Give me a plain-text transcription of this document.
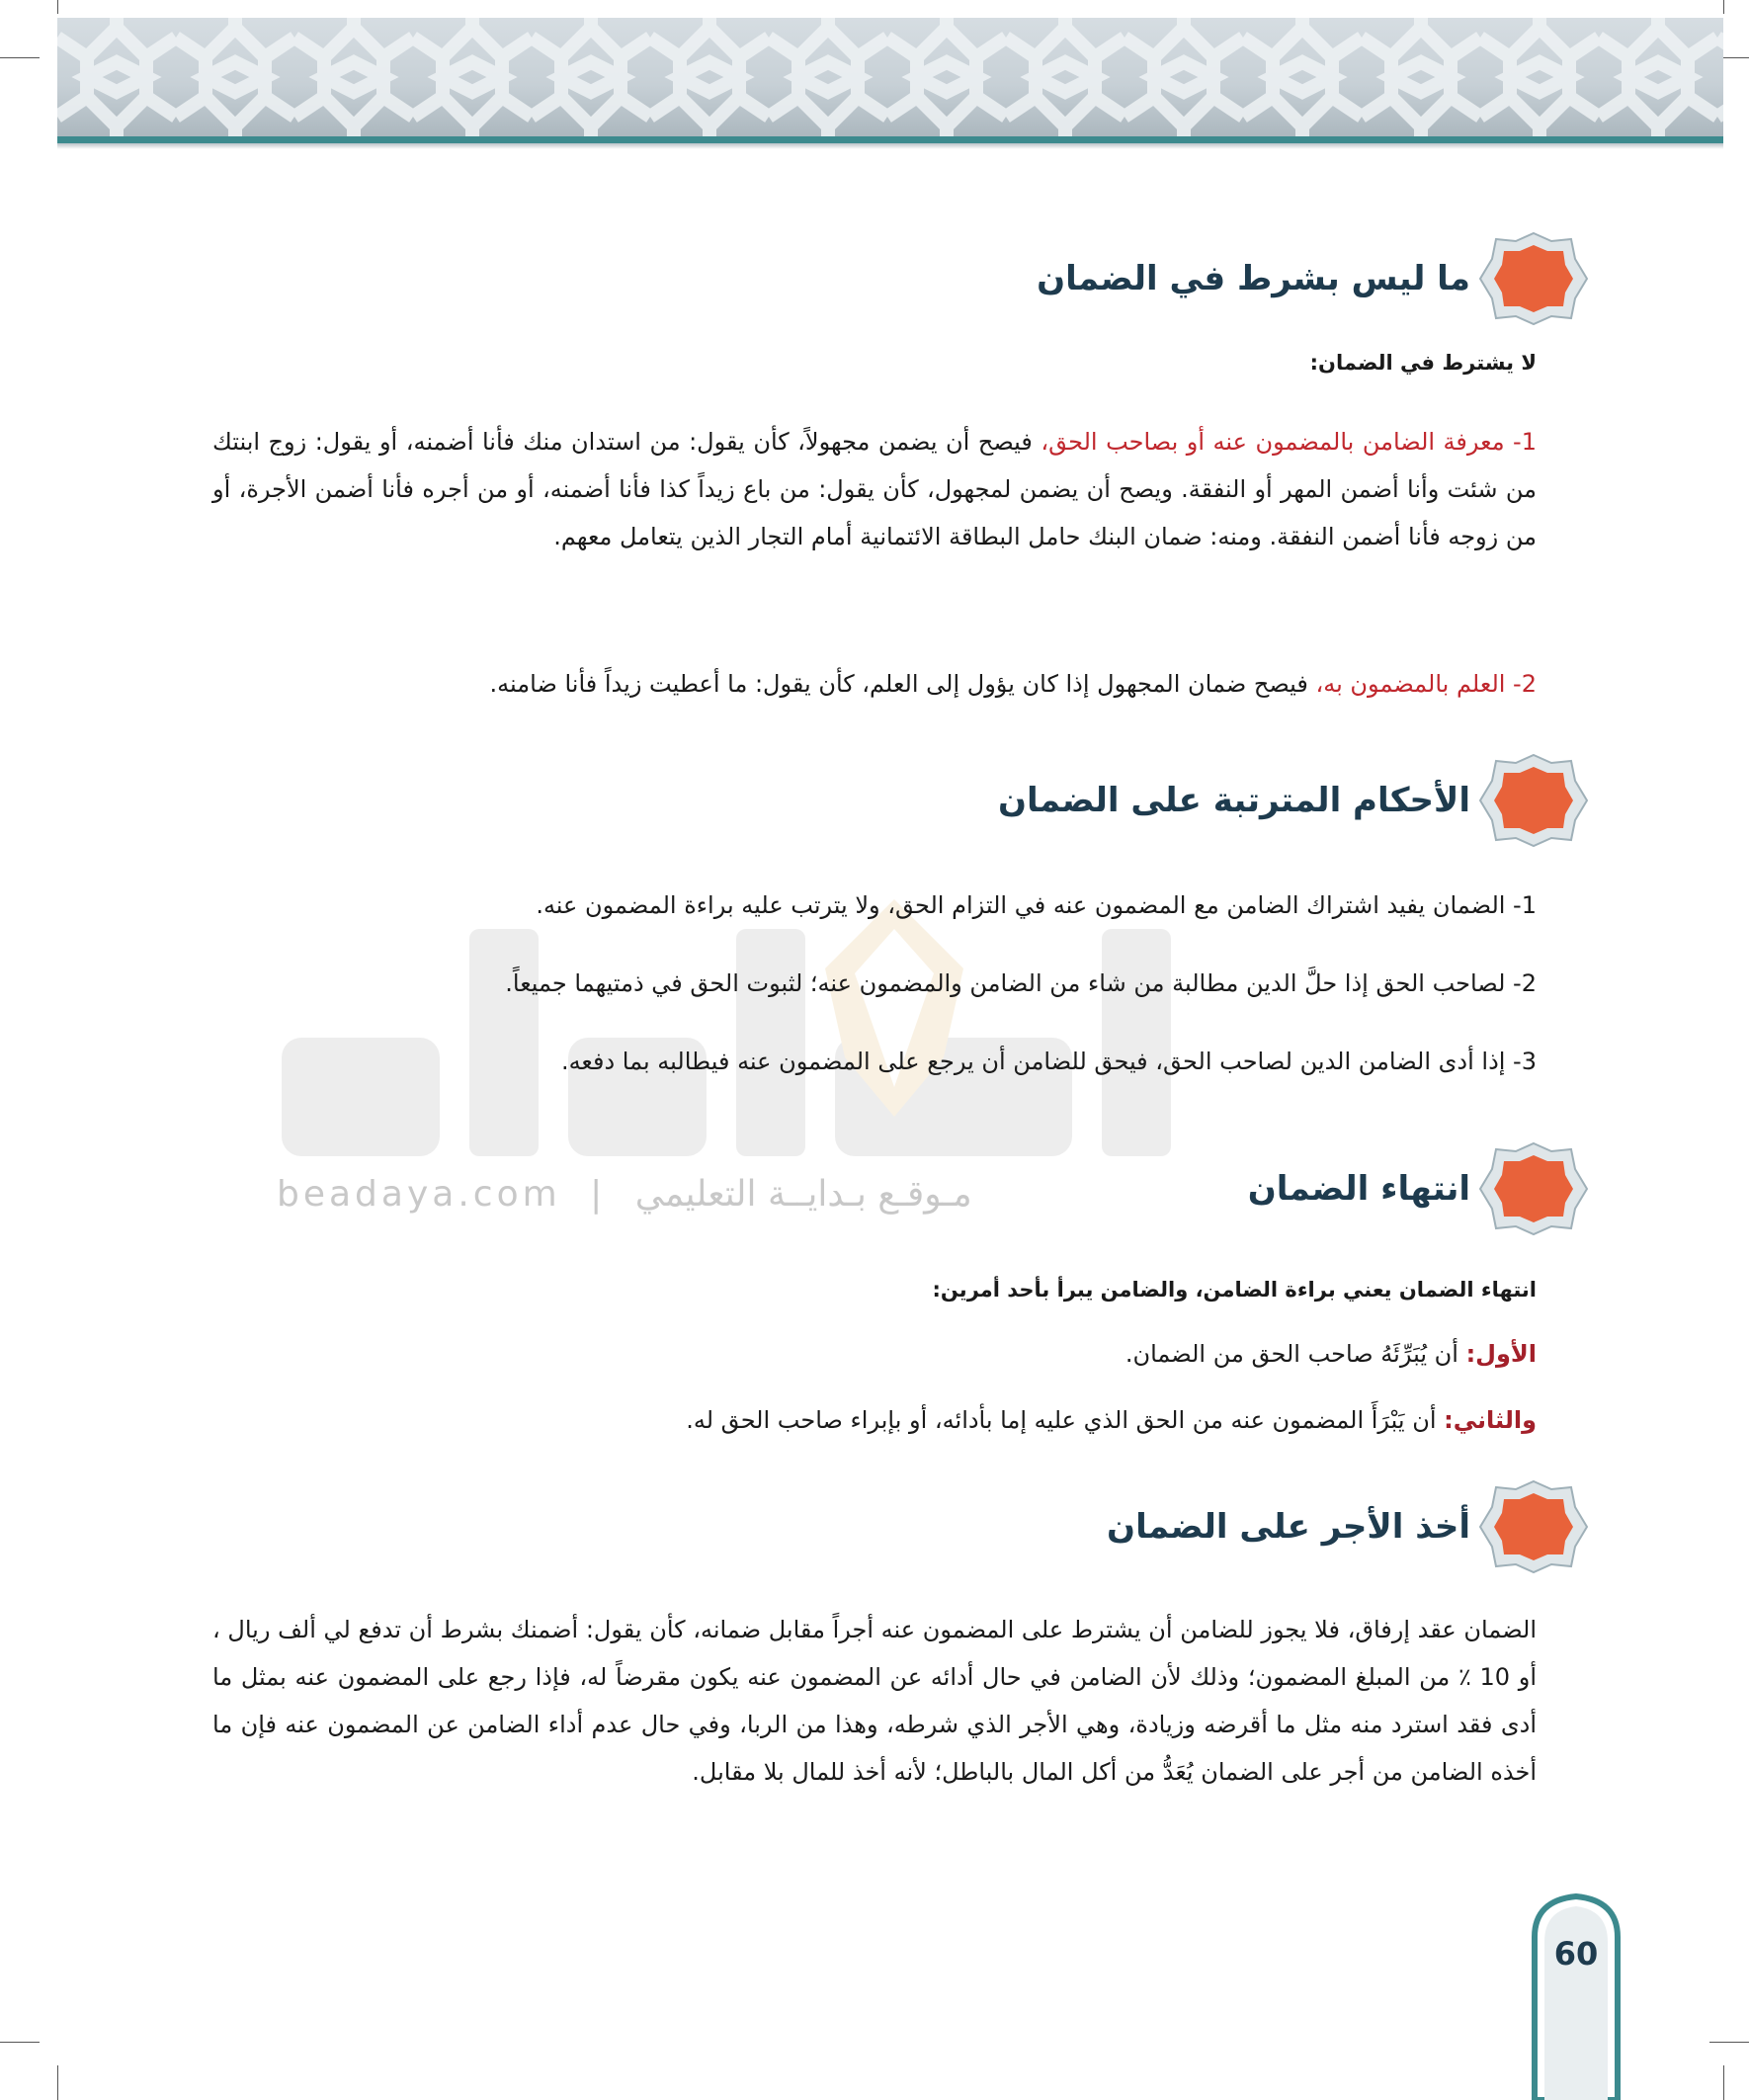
beadaya.com | مـوقـع بـدايــة التعليمي
ما ليس بشرط في الضمان
لا يشترط في الضمان:
1- معرفة الضامن بالمضمون عنه أو بصاحب الحق، فيصح أن يضمن مجهولاً، كأن يقول: من استدان منك فأنا أضمنه، أو يقول: زوج ابنتك من شئت وأنا أضمن المهر أو النفقة. ويصح أن يضمن لمجهول، كأن يقول: من باع زيداً كذا فأنا أضمنه، أو من أجره فأنا أضمن الأجرة، أو من زوجه فأنا أضمن النفقة. ومنه: ضمان البنك حامل البطاقة الائتمانية أمام التجار الذين يتعامل معهم.
2- العلم بالمضمون به، فيصح ضمان المجهول إذا كان يؤول إلى العلم، كأن يقول: ما أعطيت زيداً فأنا ضامنه.
الأحكام المترتبة على الضمان
1- الضمان يفيد اشتراك الضامن مع المضمون عنه في التزام الحق، ولا يترتب عليه براءة المضمون عنه.
2- لصاحب الحق إذا حلَّ الدين مطالبة من شاء من الضامن والمضمون عنه؛ لثبوت الحق في ذمتيهما جميعاً.
3- إذا أدى الضامن الدين لصاحب الحق، فيحق للضامن أن يرجع على المضمون عنه فيطالبه بما دفعه.
انتهاء الضمان
انتهاء الضمان يعني براءة الضامن، والضامن يبرأ بأحد أمرين:
الأول: أن يُبَرِّئَهُ صاحب الحق من الضمان.
والثاني: أن يَبْرَأَ المضمون عنه من الحق الذي عليه إما بأدائه، أو بإبراء صاحب الحق له.
أخذ الأجر على الضمان
الضمان عقد إرفاق، فلا يجوز للضامن أن يشترط على المضمون عنه أجراً مقابل ضمانه، كأن يقول: أضمنك بشرط أن تدفع لي ألف ريال ، أو 10 ٪ من المبلغ المضمون؛ وذلك لأن الضامن في حال أدائه عن المضمون عنه يكون مقرضاً له، فإذا رجع على المضمون عنه بمثل ما أدى فقد استرد منه مثل ما أقرضه وزيادة، وهي الأجر الذي شرطه، وهذا من الربا، وفي حال عدم أداء الضامن عن المضمون عنه فإن ما أخذه الضامن من أجر على الضمان يُعَدُّ من أكل المال بالباطل؛ لأنه أخذ للمال بلا مقابل.
60
